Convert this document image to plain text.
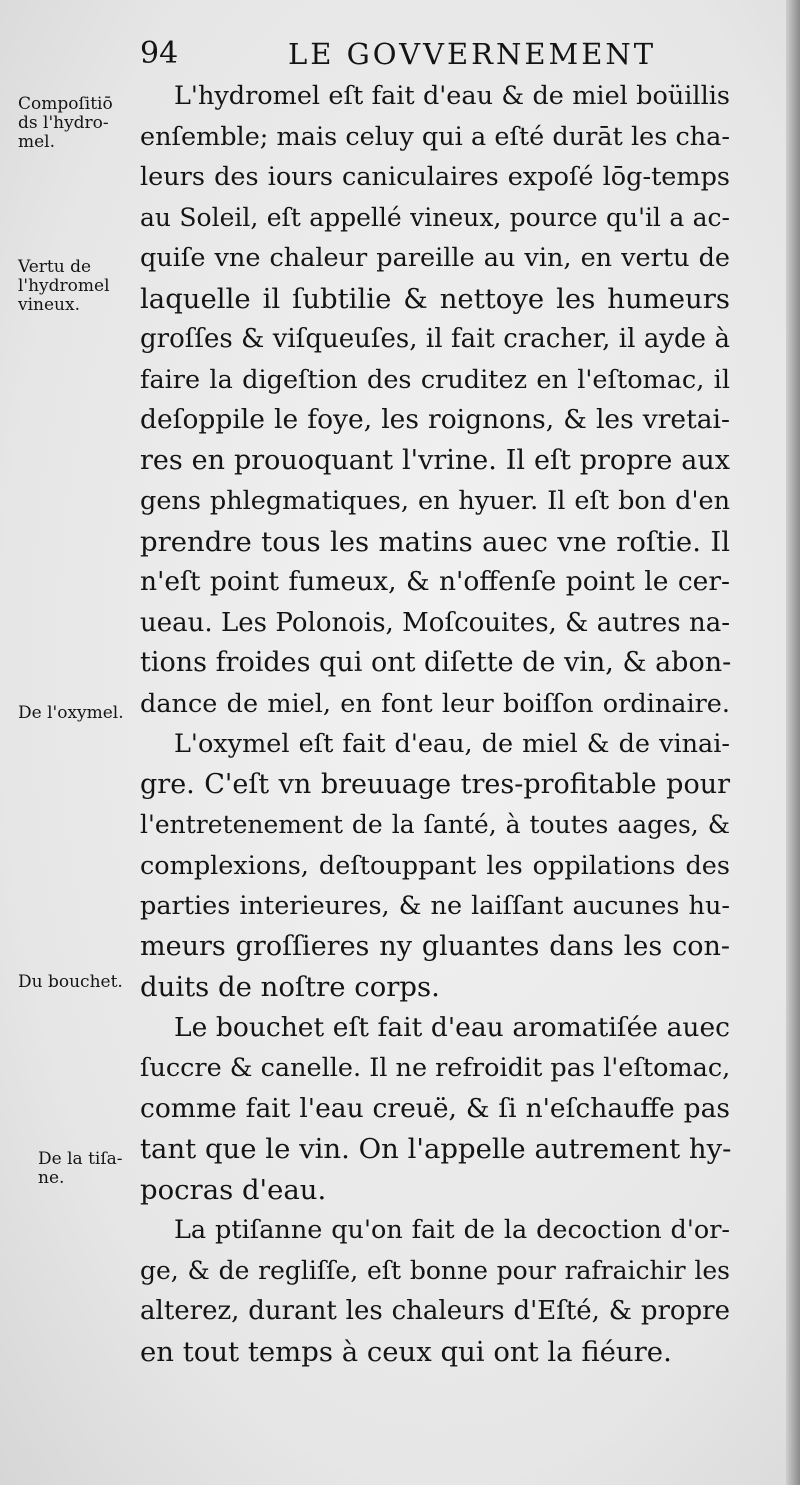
94	LE GOVVERNEMENT
Compoſitiō
ds l'hydro-
mel.
Vertu de
l'hydromel
vineux.
De l'oxymel.
Du bouchet.
De la tiſa-
ne.
L'hydromel eſt fait d'eau & de miel boüillis
enſemble; mais celuy qui a eſté durāt les cha-
leurs des iours caniculaires expoſé lōg-temps
au Soleil, eſt appellé vineux, pource qu'il a ac-
quiſe vne chaleur pareille au vin, en vertu de
laquelle il ſubtilie & nettoye les humeurs
groſſes & viſqueuſes, il fait cracher, il ayde à
faire la digeſtion des cruditez en l'eſtomac, il
deſoppile le foye, les roignons, & les vretai-
res en prouoquant l'vrine. Il eſt propre aux
gens phlegmatiques, en hyuer. Il eſt bon d'en
prendre tous les matins auec vne roſtie. Il
n'eſt point fumeux, & n'offenſe point le cer-
ueau. Les Polonois, Moſcouites, & autres na-
tions froides qui ont diſette de vin, & abon-
dance de miel, en font leur boiſſon ordinaire.
L'oxymel eſt fait d'eau, de miel & de vinai-
gre. C'eſt vn breuuage tres-profitable pour
l'entretenement de la ſanté, à toutes aages, &
complexions, deſtouppant les oppilations des
parties interieures, & ne laiſſant aucunes hu-
meurs groſſieres ny gluantes dans les con-
duits de noſtre corps.
Le bouchet eſt fait d'eau aromatiſée auec
ſuccre & canelle. Il ne refroidit pas l'eſtomac,
comme fait l'eau creuë, & ſi n'eſchauffe pas
tant que le vin. On l'appelle autrement hy-
pocras d'eau.
La ptiſanne qu'on fait de la decoction d'or-
ge, & de regliſſe, eſt bonne pour rafraichir les
alterez, durant les chaleurs d'Eſté, & propre
en tout temps à ceux qui ont la fiéure.
